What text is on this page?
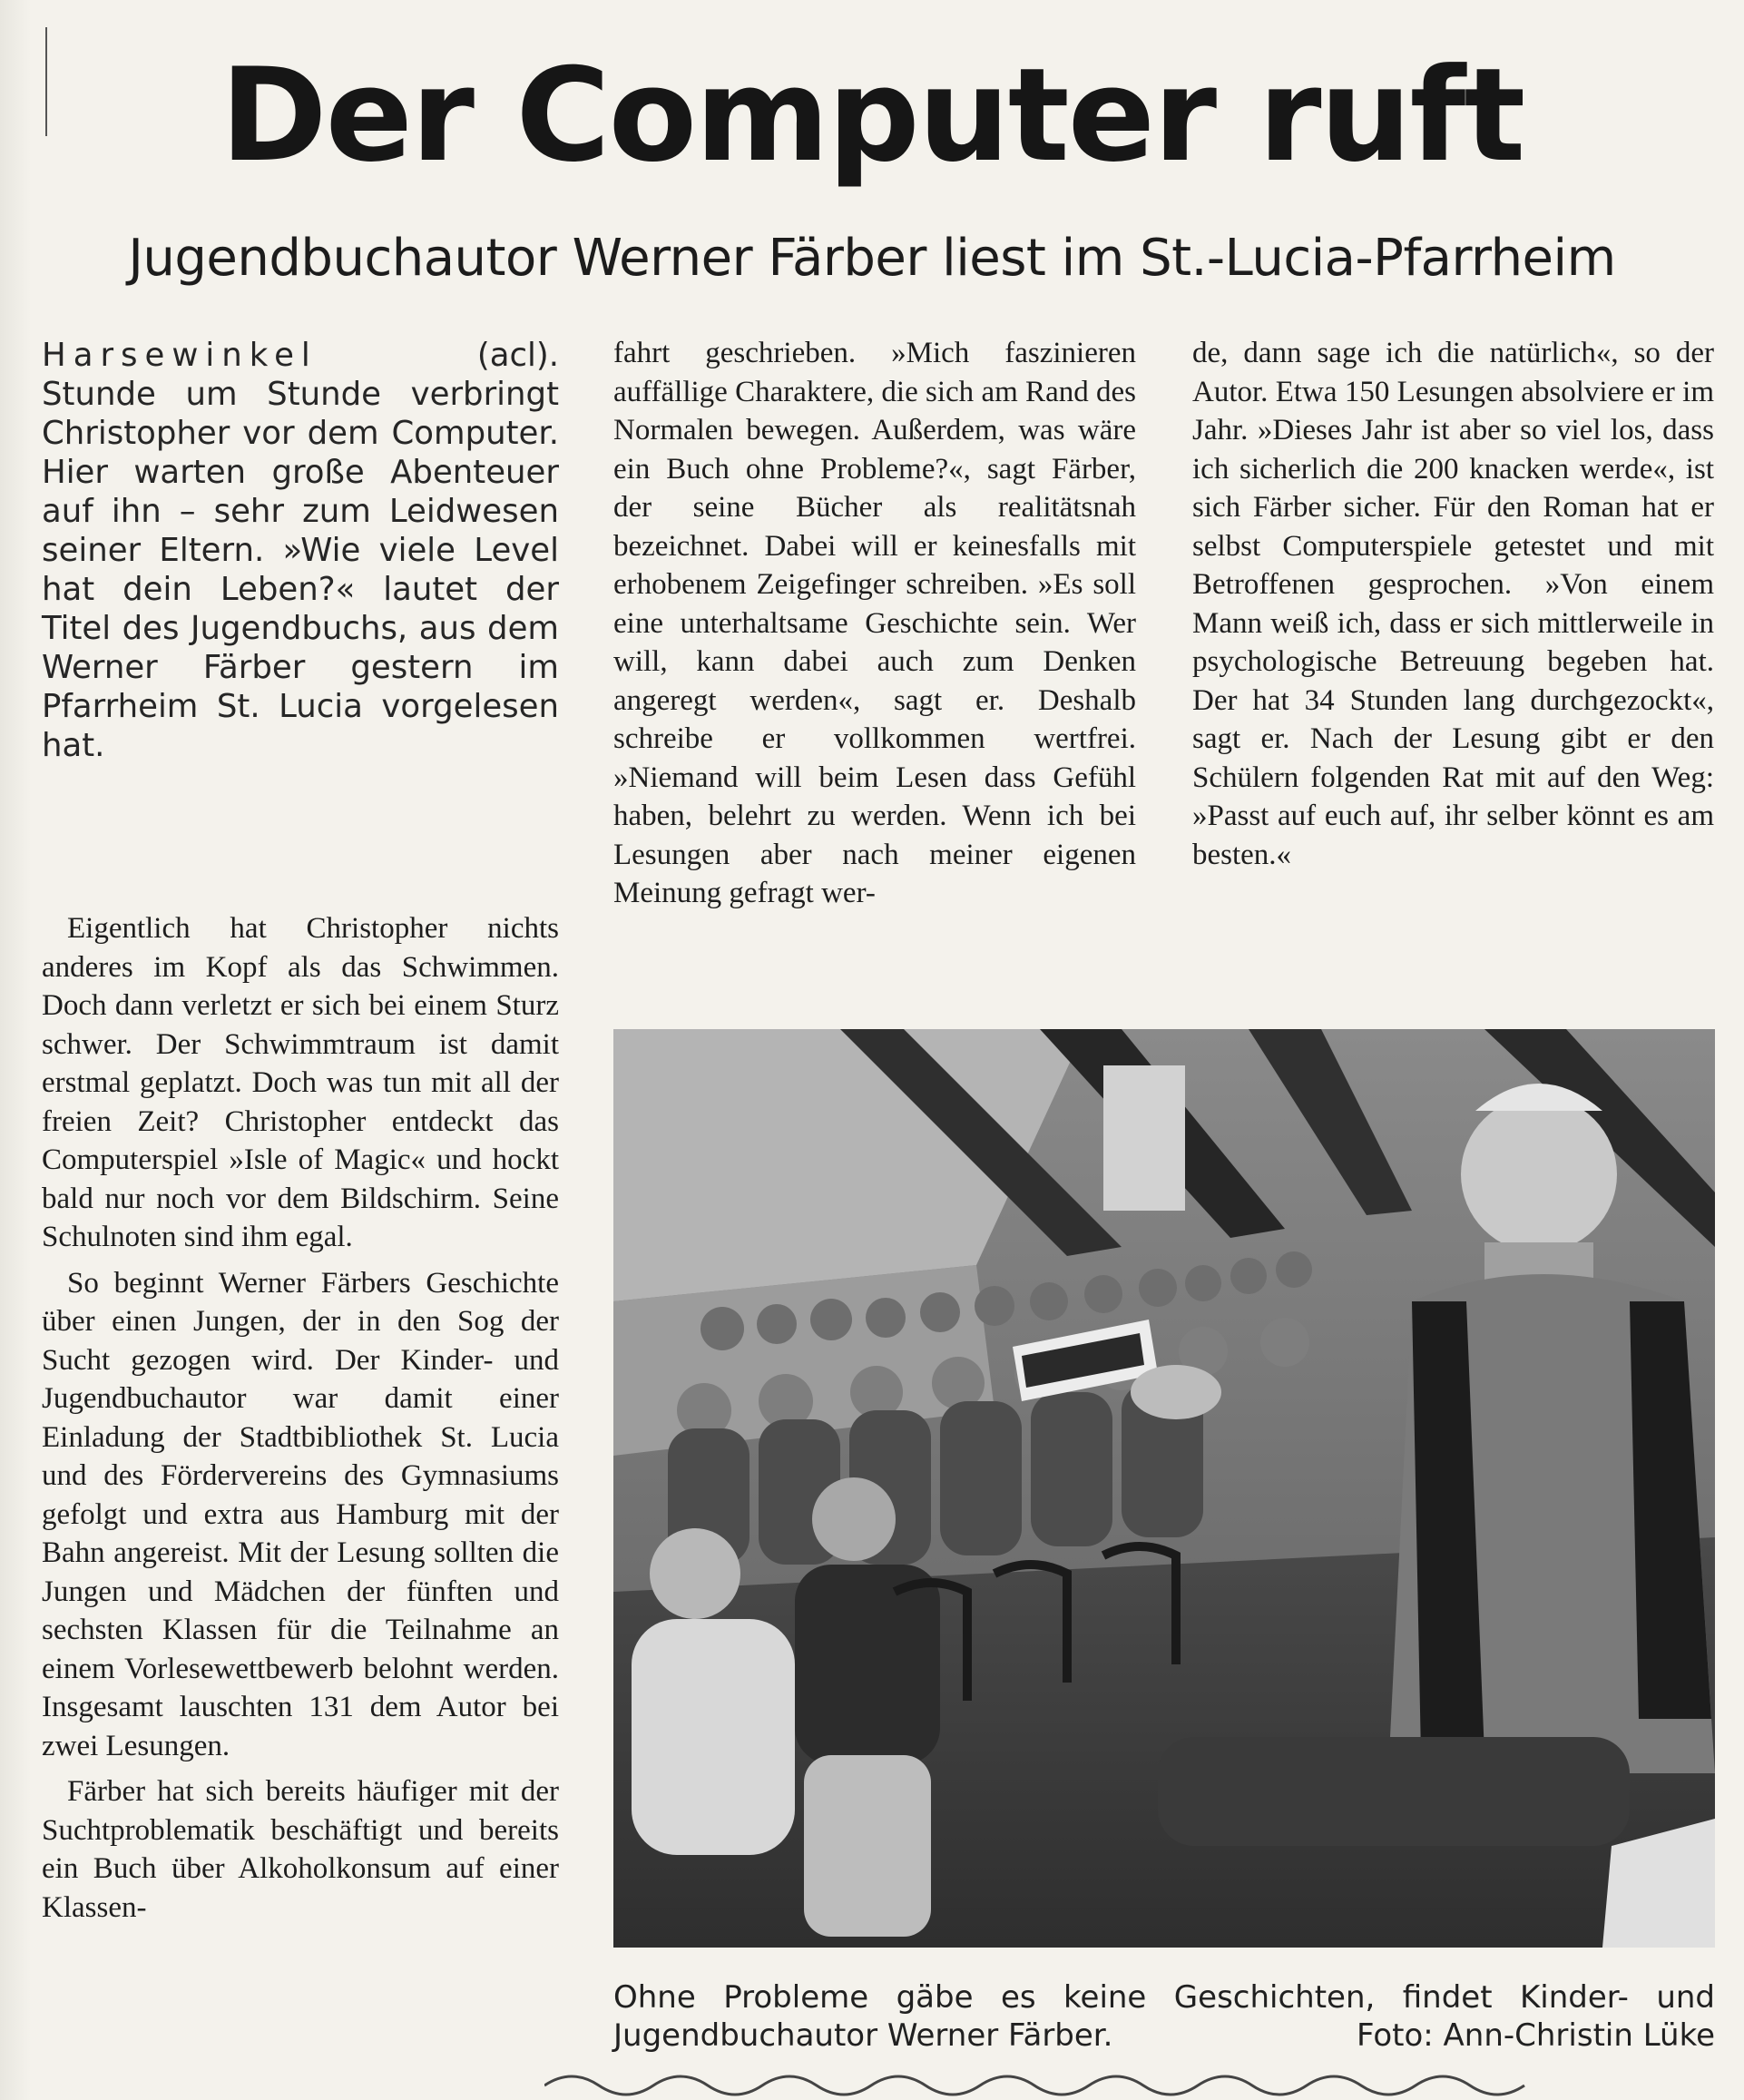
Der Computer ruft
Jugendbuchautor Werner Färber liest im St.-Lucia-Pfarrheim

Harsewinkel	(acl).

Stunde um Stunde verbringt Christopher vor dem Computer. Hier warten große Abenteuer auf ihn – sehr zum Leidwesen seiner Eltern. »Wie viele Level hat dein Leben?« lautet der Titel des Jugendbuchs, aus dem Werner Färber gestern im Pfarrheim St. Lucia vorgelesen hat.

Eigentlich hat Christopher nichts anderes im Kopf als das Schwimmen. Doch dann verletzt er sich bei einem Sturz schwer. Der Schwimmtraum ist damit erstmal geplatzt. Doch was tun mit all der freien Zeit? Christopher entdeckt das Computerspiel »Isle of Magic« und hockt bald nur noch vor dem Bildschirm. Seine Schulnoten sind ihm egal.

So beginnt Werner Färbers Geschichte über einen Jungen, der in den Sog der Sucht gezogen wird. Der Kinder- und Jugendbuchautor war damit einer Einladung der Stadtbibliothek St. Lucia und des Fördervereins des Gymnasiums gefolgt und extra aus Hamburg mit der Bahn angereist. Mit der Lesung sollten die Jungen und Mädchen der fünften und sechsten Klassen für die Teilnahme an einem Vorlesewettbewerb belohnt werden. Insgesamt lauschten 131 dem Autor bei zwei Lesungen.

Färber hat sich bereits häufiger mit der Suchtproblematik beschäftigt und bereits ein Buch über Alkoholkonsum auf einer Klassen-

fahrt geschrieben. »Mich faszinieren auffällige Charaktere, die sich am Rand des Normalen bewegen. Außerdem, was wäre ein Buch ohne Probleme?«, sagt Färber, der seine Bücher als realitätsnah bezeichnet. Dabei will er keinesfalls mit erhobenem Zeigefinger schreiben. »Es soll eine unterhaltsame Geschichte sein. Wer will, kann dabei auch zum Denken angeregt werden«, sagt er. Deshalb schreibe er vollkommen wertfrei. »Niemand will beim Lesen dass Gefühl haben, belehrt zu werden. Wenn ich bei Lesungen aber nach meiner eigenen Meinung gefragt wer-

de, dann sage ich die natürlich«, so der Autor. Etwa 150 Lesungen absolviere er im Jahr. »Dieses Jahr ist aber so viel los, dass ich sicherlich die 200 knacken werde«, ist sich Färber sicher. Für den Roman hat er selbst Computerspiele getestet und mit Betroffenen gesprochen. »Von einem Mann weiß ich, dass er sich mittlerweile in psychologische Betreuung begeben hat. Der hat 34 Stunden lang durchgezockt«, sagt er. Nach der Lesung gibt er den Schülern folgenden Rat mit auf den Weg: »Passt auf euch auf, ihr selber könnt es am besten.«

Ohne Probleme gäbe es keine Geschichten, findet Kinder- und
Jugendbuchautor Werner Färber.	Foto: Ann-Christin Lüke
